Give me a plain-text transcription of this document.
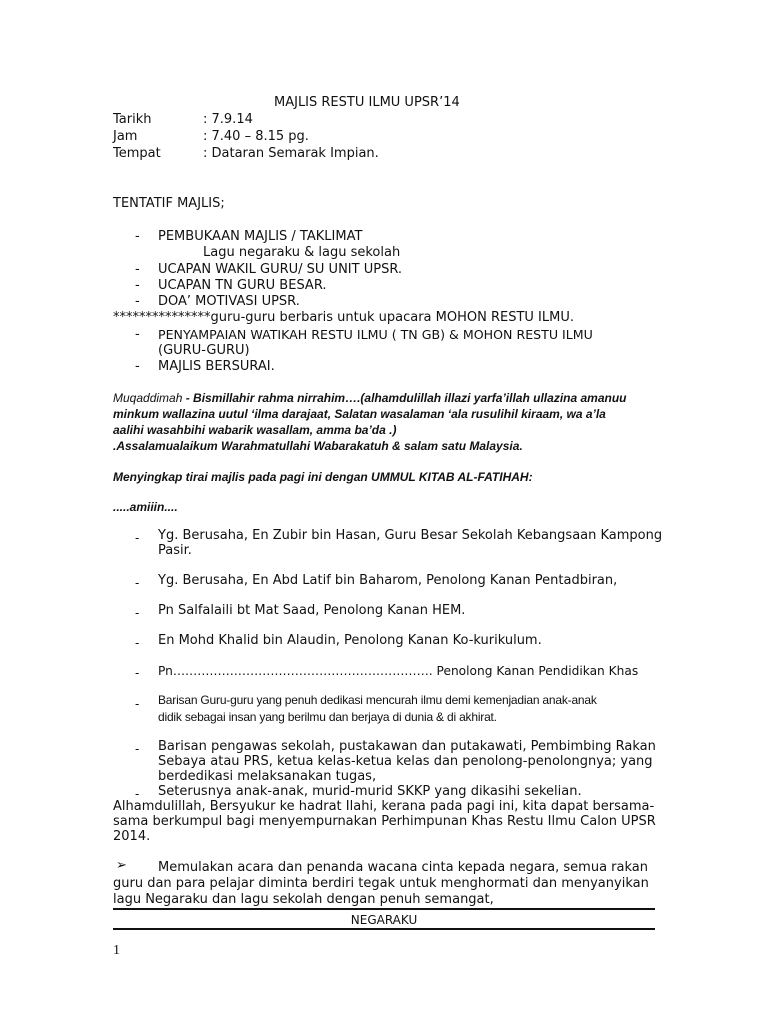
MAJLIS RESTU ILMU UPSR’14
Tarikh	: 7.9.14
Jam	: 7.40 – 8.15 pg.
Tempat	: Dataran Semarak Impian.
TENTATIF MAJLIS;
- PEMBUKAAN MAJLIS / TAKLIMAT
Lagu negaraku & lagu sekolah
- UCAPAN WAKIL GURU/ SU UNIT UPSR.
- UCAPAN TN GURU BESAR.
- DOA’ MOTIVASI UPSR.
***************guru-guru berbaris untuk upacara MOHON RESTU ILMU.
- PENYAMPAIAN WATIKAH RESTU ILMU ( TN GB) & MOHON RESTU ILMU
(GURU-GURU)
- MAJLIS BERSURAI.
Muqaddimah - Bismillahir rahma nirrahim….(alhamdulillah illazi yarfa’illah ullazina amanuu
minkum wallazina uutul ‘ilma darajaat, Salatan wasalaman ‘ala rusulihil kiraam, wa a’la
aalihi wasahbihi wabarik wasallam, amma ba’da .)
.Assalamualaikum Warahmatullahi Wabarakatuh & salam satu Malaysia.
Menyingkap tirai majlis pada pagi ini dengan UMMUL KITAB AL-FATIHAH:
.....amiiin....
- Yg. Berusaha, En Zubir bin Hasan, Guru Besar Sekolah Kebangsaan Kampong
Pasir.
- Yg. Berusaha, En Abd Latif bin Baharom, Penolong Kanan Pentadbiran,
- Pn Salfalaili bt Mat Saad, Penolong Kanan HEM.
- En Mohd Khalid bin Alaudin, Penolong Kanan Ko-kurikulum.
- Pn………………………………………………………. Penolong Kanan Pendidikan Khas
- Barisan Guru-guru yang penuh dedikasi mencurah ilmu demi kemenjadian anak-anak
didik sebagai insan yang berilmu dan berjaya di dunia & di akhirat.
- Barisan pengawas sekolah, pustakawan dan putakawati, Pembimbing Rakan
Sebaya atau PRS, ketua kelas-ketua kelas dan penolong-penolongnya; yang
berdedikasi melaksanakan tugas,
- Seterusnya anak-anak, murid-murid SKKP yang dikasihi sekelian.
Alhamdulillah, Bersyukur ke hadrat Ilahi, kerana pada pagi ini, kita dapat bersama-
sama berkumpul bagi menyempurnakan Perhimpunan Khas Restu Ilmu Calon UPSR
2014.
➢ Memulakan acara dan penanda wacana cinta kepada negara, semua rakan
guru dan para pelajar diminta berdiri tegak untuk menghormati dan menyanyikan
lagu Negaraku dan lagu sekolah dengan penuh semangat,
NEGARAKU
1
